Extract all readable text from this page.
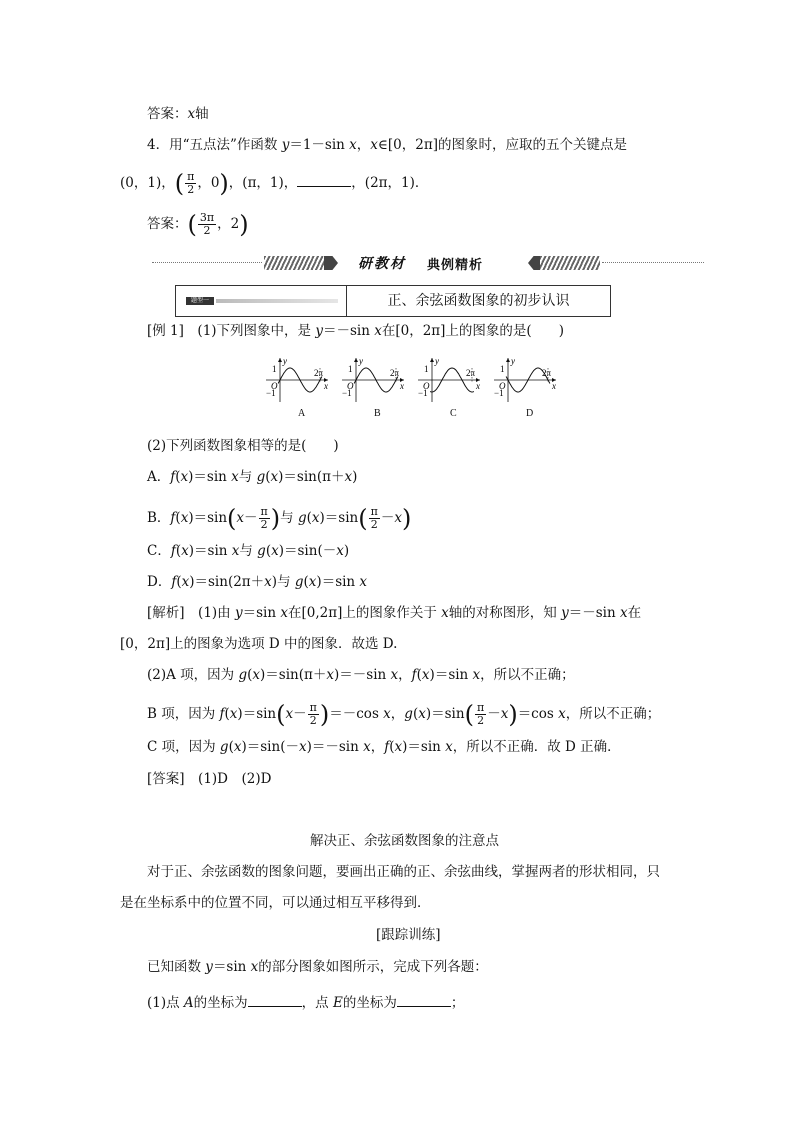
答案：x轴
4．用“五点法”作函数 y＝1－sin x，x∈[0，2π]的图象时，应取的五个关键点是
(0，1)，( $\frac{\pi}{2}$ ，0)，(π，1)，	，(2π，1)．
答案：( $\frac{3\pi}{2}$ ，2)
研教材 典例精析
题型一	正、余弦函数图象的初步认识
[例 1]　 (1)下列图象中，是 y＝－sin x在[0，2π]上的图象的是(　　)
y
1
O
−1
2π
x
A
y
1
O
−1
2π
x
B
y
1
O
−1
2π
x
C
y
1
O
−1
2π
x
D
(2)下列函数图象相等的是(　　)
A．f(x)＝sin x与 g(x)＝sin(π＋x)
B．$f(x)=\sin(x- \frac{\pi}{2}$ )与 $g(x)=\sin( \frac{\pi}{2} -x)$
C．f(x)＝sin x与 g(x)＝sin(－x)
D．f(x)＝sin(2π＋x)与 g(x)＝sin x
[解析]　 (1)由 y＝sin x在[0,2π]上的图象作关于 x轴的对称图形，知 y＝－sin x在
[0，2π]上的图象为选项 D 中的图象．故选 D.
(2)A 项，因为 g(x)＝sin(π＋x)＝－sin x，f(x)＝sin x，所以不正确；
B 项，因为 $f(x)=\sin(x- \frac{\pi}{2} )=-\cos$ x，$g(x)=\sin( \frac{\pi}{2} -x)=\cos$ x，所以不正确；
C 项，因为 g(x)＝sin(－x)＝－sin x，f(x)＝sin x，所以不正确．故 D 正确．
[答案]　 (1)D　(2)D
解决正、余弦函数图象的注意点
对于正、余弦函数的图象问题，要画出正确的正、余弦曲线，掌握两者的形状相同，只
是在坐标系中的位置不同，可以通过相互平移得到．
[跟踪训练]
已知函数 y＝sin x的部分图象如图所示，完成下列各题：
(1)点 A的坐标为	，点 E的坐标为	；
